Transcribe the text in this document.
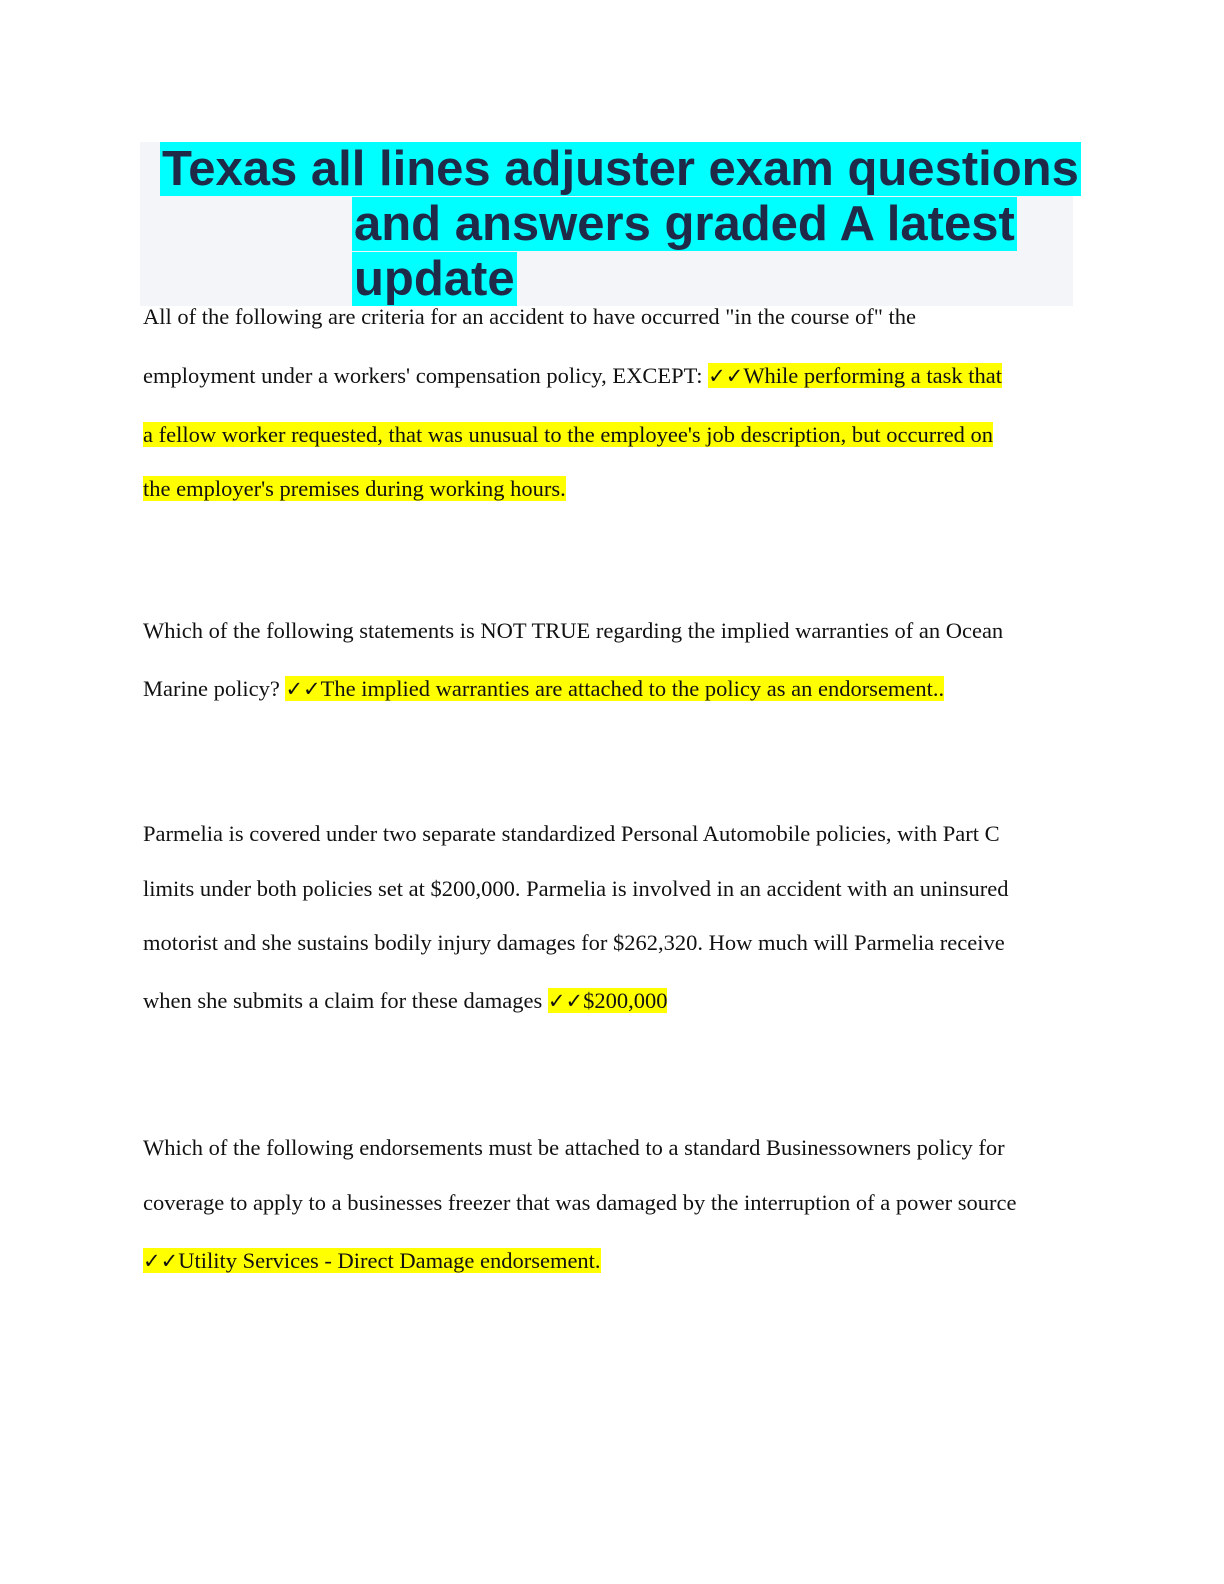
Texas all lines adjuster exam questions
and answers graded A latest
update
All of the following are criteria for an accident to have occurred "in the course of" the
employment under a workers' compensation policy, EXCEPT: ✓✓While performing a task that
a fellow worker requested, that was unusual to the employee's job description, but occurred on
the employer's premises during working hours.
Which of the following statements is NOT TRUE regarding the implied warranties of an Ocean
Marine policy? ✓✓The implied warranties are attached to the policy as an endorsement..
Parmelia is covered under two separate standardized Personal Automobile policies, with Part C
limits under both policies set at $200,000. Parmelia is involved in an accident with an uninsured
motorist and she sustains bodily injury damages for $262,320. How much will Parmelia receive
when she submits a claim for these damages ✓✓$200,000
Which of the following endorsements must be attached to a standard Businessowners policy for
coverage to apply to a businesses freezer that was damaged by the interruption of a power source
✓✓Utility Services - Direct Damage endorsement.
